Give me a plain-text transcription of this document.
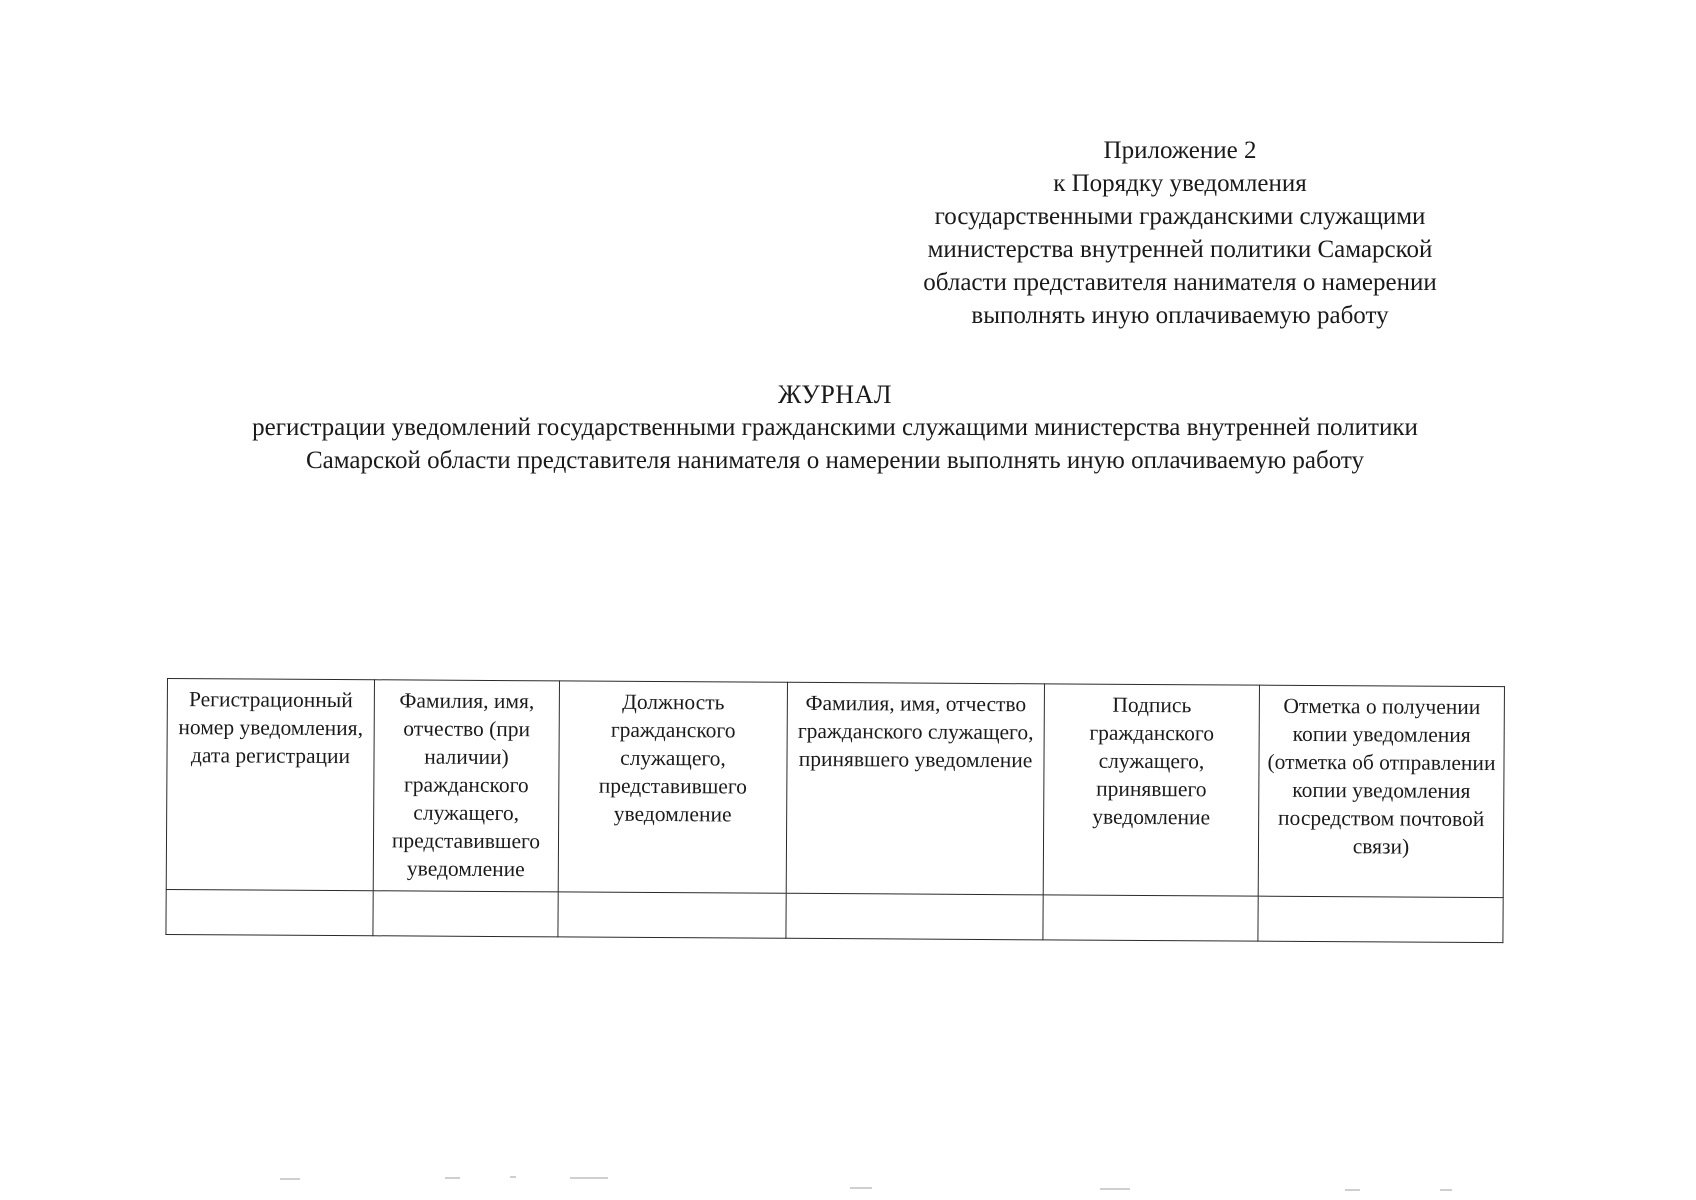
Приложение 2
к Порядку уведомления
государственными гражданскими служащими
министерства внутренней политики Самарской
области представителя нанимателя о намерении
выполнять иную оплачиваемую работу
ЖУРНАЛ
регистрации уведомлений государственными гражданскими служащими министерства внутренней политики
Самарской области представителя нанимателя о намерении выполнять иную оплачиваемую работу
Регистрационный номер уведомления, дата регистрации	Фамилия, имя, отчество (при наличии) гражданского служащего, представившего уведомление	Должность гражданского служащего, представившего уведомление	Фамилия, имя, отчество гражданского служащего, принявшего уведомление	Подпись гражданского служащего, принявшего уведомление	Отметка о получении копии уведомления (отметка об отправлении копии уведомления посредством почтовой связи)
